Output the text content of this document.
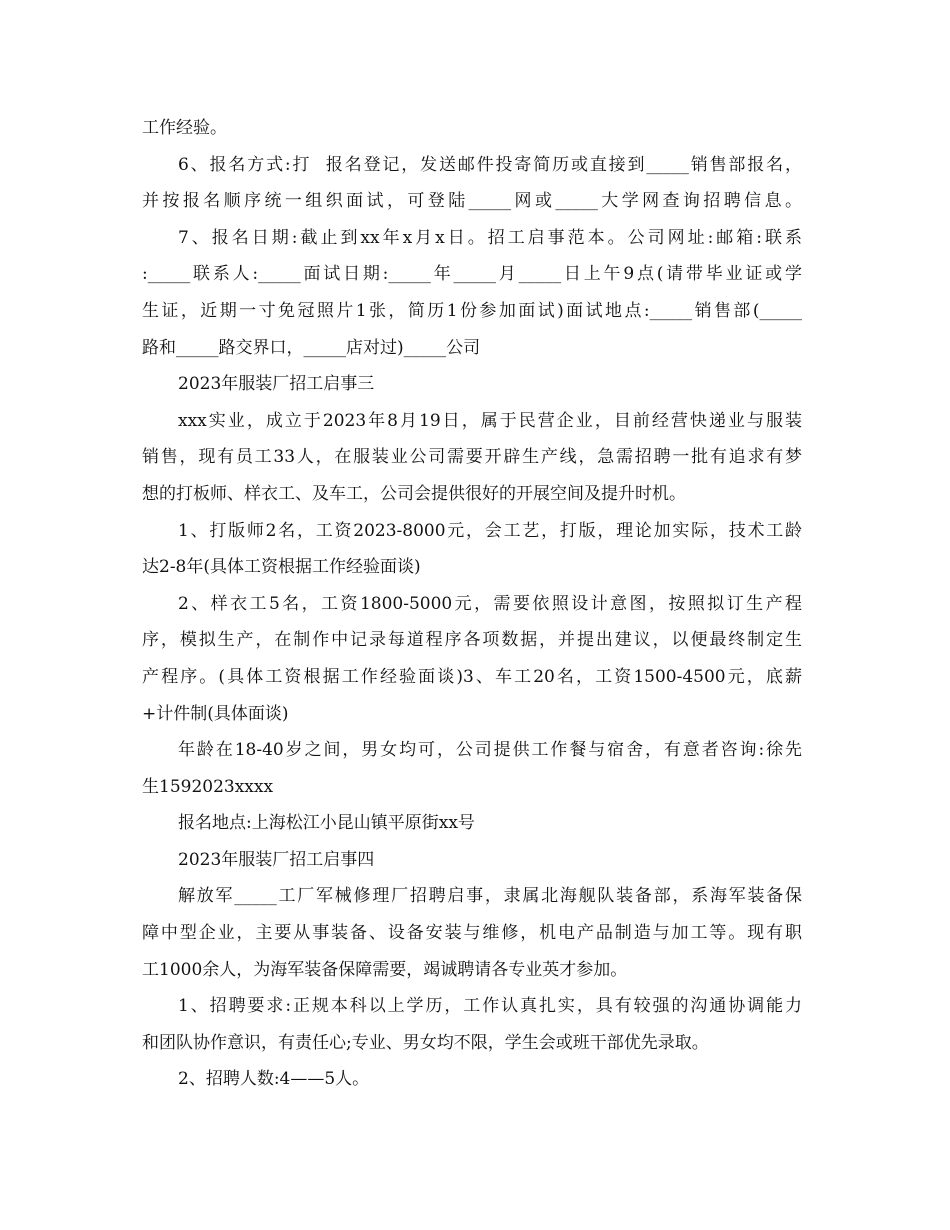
工作经验。
6、报名方式:打  报名登记，发送邮件投寄简历或直接到_____销售部报名，
并按报名顺序统一组织面试，可登陆_____网或_____大学网查询招聘信息。
7、报名日期:截止到xx年x月x日。招工启事范本。公司网址:邮箱:联系
:_____联系人:_____面试日期:_____年_____月_____日上午9点(请带毕业证或学
生证，近期一寸免冠照片1张，简历1份参加面试)面试地点:_____销售部(_____
路和_____路交界口，_____店对过)_____公司
2023年服装厂招工启事三
xxx实业，成立于2023年8月19日，属于民营企业，目前经营快递业与服装
销售，现有员工33人，在服装业公司需要开辟生产线，急需招聘一批有追求有梦
想的打板师、样衣工、及车工，公司会提供很好的开展空间及提升时机。
1、打版师2名，工资2023-8000元，会工艺，打版，理论加实际，技术工龄
达2-8年(具体工资根据工作经验面谈)
2、样衣工5名，工资1800-5000元，需要依照设计意图，按照拟订生产程
序，模拟生产，在制作中记录每道程序各项数据，并提出建议，以便最终制定生
产程序。(具体工资根据工作经验面谈)3、车工20名，工资1500-4500元，底薪
+计件制(具体面谈)
年龄在18-40岁之间，男女均可，公司提供工作餐与宿舍，有意者咨询:徐先
生1592023xxxx
报名地点:上海松江小昆山镇平原街xx号
2023年服装厂招工启事四
解放军_____工厂军械修理厂招聘启事，隶属北海舰队装备部，系海军装备保
障中型企业，主要从事装备、设备安装与维修，机电产品制造与加工等。现有职
工1000余人，为海军装备保障需要，竭诚聘请各专业英才参加。
1、招聘要求:正规本科以上学历，工作认真扎实，具有较强的沟通协调能力
和团队协作意识，有责任心;专业、男女均不限，学生会或班干部优先录取。
2、招聘人数:4——5人。
